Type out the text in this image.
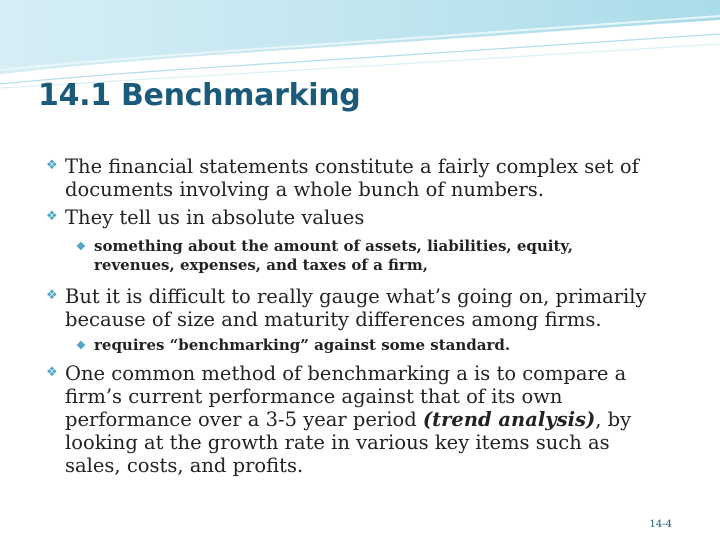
14.1 Benchmarking
❖ The financial statements constitute a fairly complex set of
documents involving a whole bunch of numbers.
❖ They tell us in absolute values
❖ something about the amount of assets, liabilities, equity,
revenues, expenses, and taxes of a firm,
❖ But it is difficult to really gauge what’s going on, primarily
because of size and maturity differences among firms.
❖ requires “benchmarking” against some standard.
❖ One common method of benchmarking a is to compare a
firm’s current performance against that of its own
performance over a 3-5 year period (trend analysis), by
looking at the growth rate in various key items such as
sales, costs, and profits.
14-4
